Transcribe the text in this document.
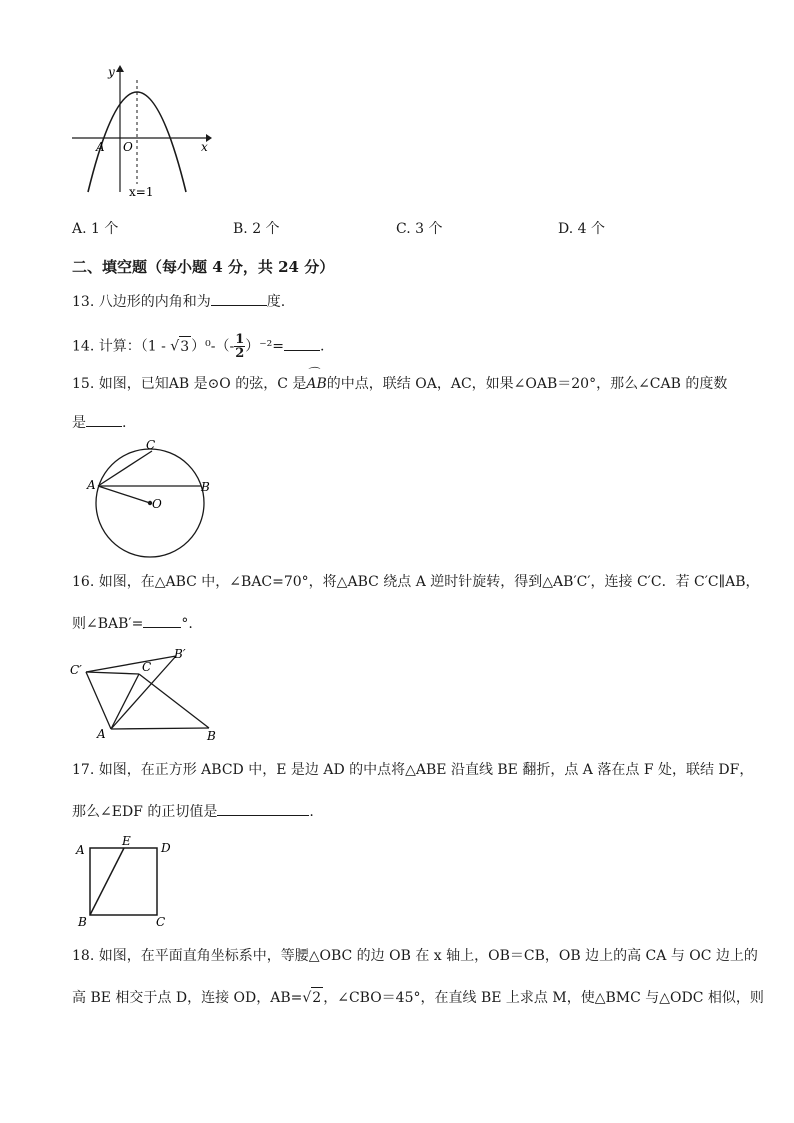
y
x
A O
x=1
A. 1 个	B. 2 个	C. 3 个	D. 4 个
二、填空题（每小题 4 分，共 24 分）
13. 八边形的内角和为	度.
14. 计算：（1 - √3 ）$^0-(- \frac{1}{2} )^{-2}=$	.
15. 如图，已知AB 是⊙O 的弦，C 是⌒ AB的中点，联结 OA，AC，如果∠OAB＝20°，那么∠CAB 的度数
是	.
A	B
C
O
16. 如图，在△ABC 中，∠BAC=70°，将△ABC 绕点 A 逆时针旋转，得到△AB′C′，连接 C′C．若 C′C∥AB，
则∠BAB′=	°.
C′	C
B′
A	B
17. 如图，在正方形 ABCD 中，E 是边 AD 的中点将△ABE 沿直线 BE 翻折，点 A 落在点 F 处，联结 DF，
那么∠EDF 的正切值是	.
A
E	D
B	C
18. 如图，在平面直角坐标系中，等腰△OBC 的边 OB 在 x 轴上，OB＝CB，OB 边上的高 CA 与 OC 边上的
高 BE 相交于点 D，连接 OD，AB=√2 ，∠CBO＝45°，在直线 BE 上求点 M，使△BMC 与△ODC 相似，则
